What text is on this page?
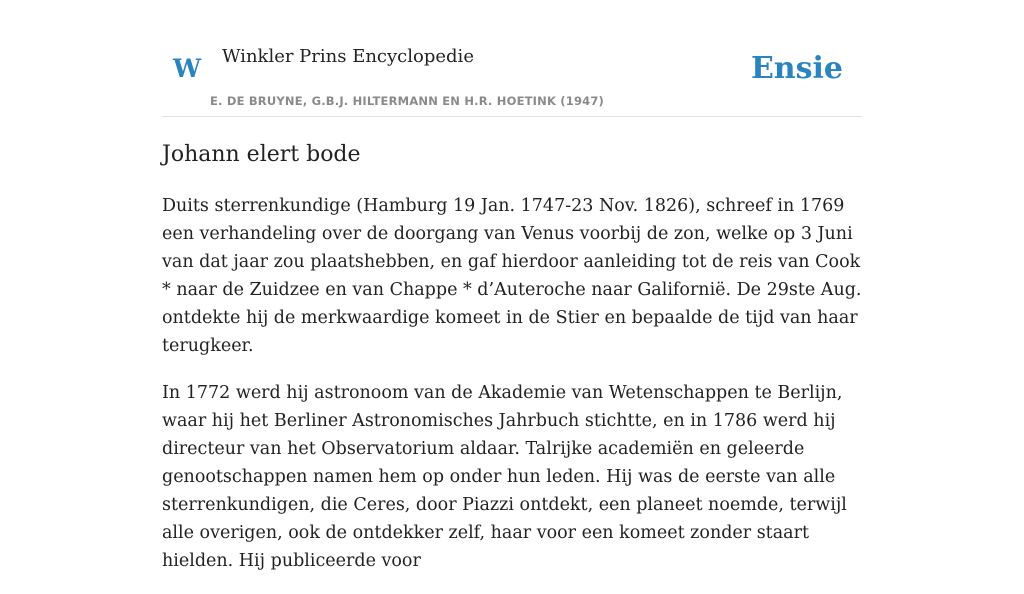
W Winkler Prins Encyclopedie
E. DE BRUYNE, G.B.J. HILTERMANN EN H.R. HOETINK (1947)
Ensie
Johann elert bode

Duits sterrenkundige (Hamburg 19 Jan. 1747-23 Nov. 1826), schreef in 1769 een verhandeling over de doorgang van Venus voorbij de zon, welke op 3 Juni van dat jaar zou plaatshebben, en gaf hierdoor aanleiding tot de reis van Cook * naar de Zuidzee en van Chappe * d’Auteroche naar Galifornië. De 29ste Aug. ontdekte hij de merkwaardige komeet in de Stier en bepaalde de tijd van haar terugkeer.

In 1772 werd hij astronoom van de Akademie van Wetenschappen te Berlijn, waar hij het Berliner Astronomisches Jahrbuch stichtte, en in 1786 werd hij directeur van het Observatorium aldaar. Talrijke academiën en geleerde genootschappen namen hem op onder hun leden. Hij was de eerste van alle sterrenkundigen, die Ceres, door Piazzi ontdekt, een planeet noemde, terwijl alle overigen, ook de ontdekker zelf, haar voor een komeet zonder staart hielden. Hij publiceerde voor
